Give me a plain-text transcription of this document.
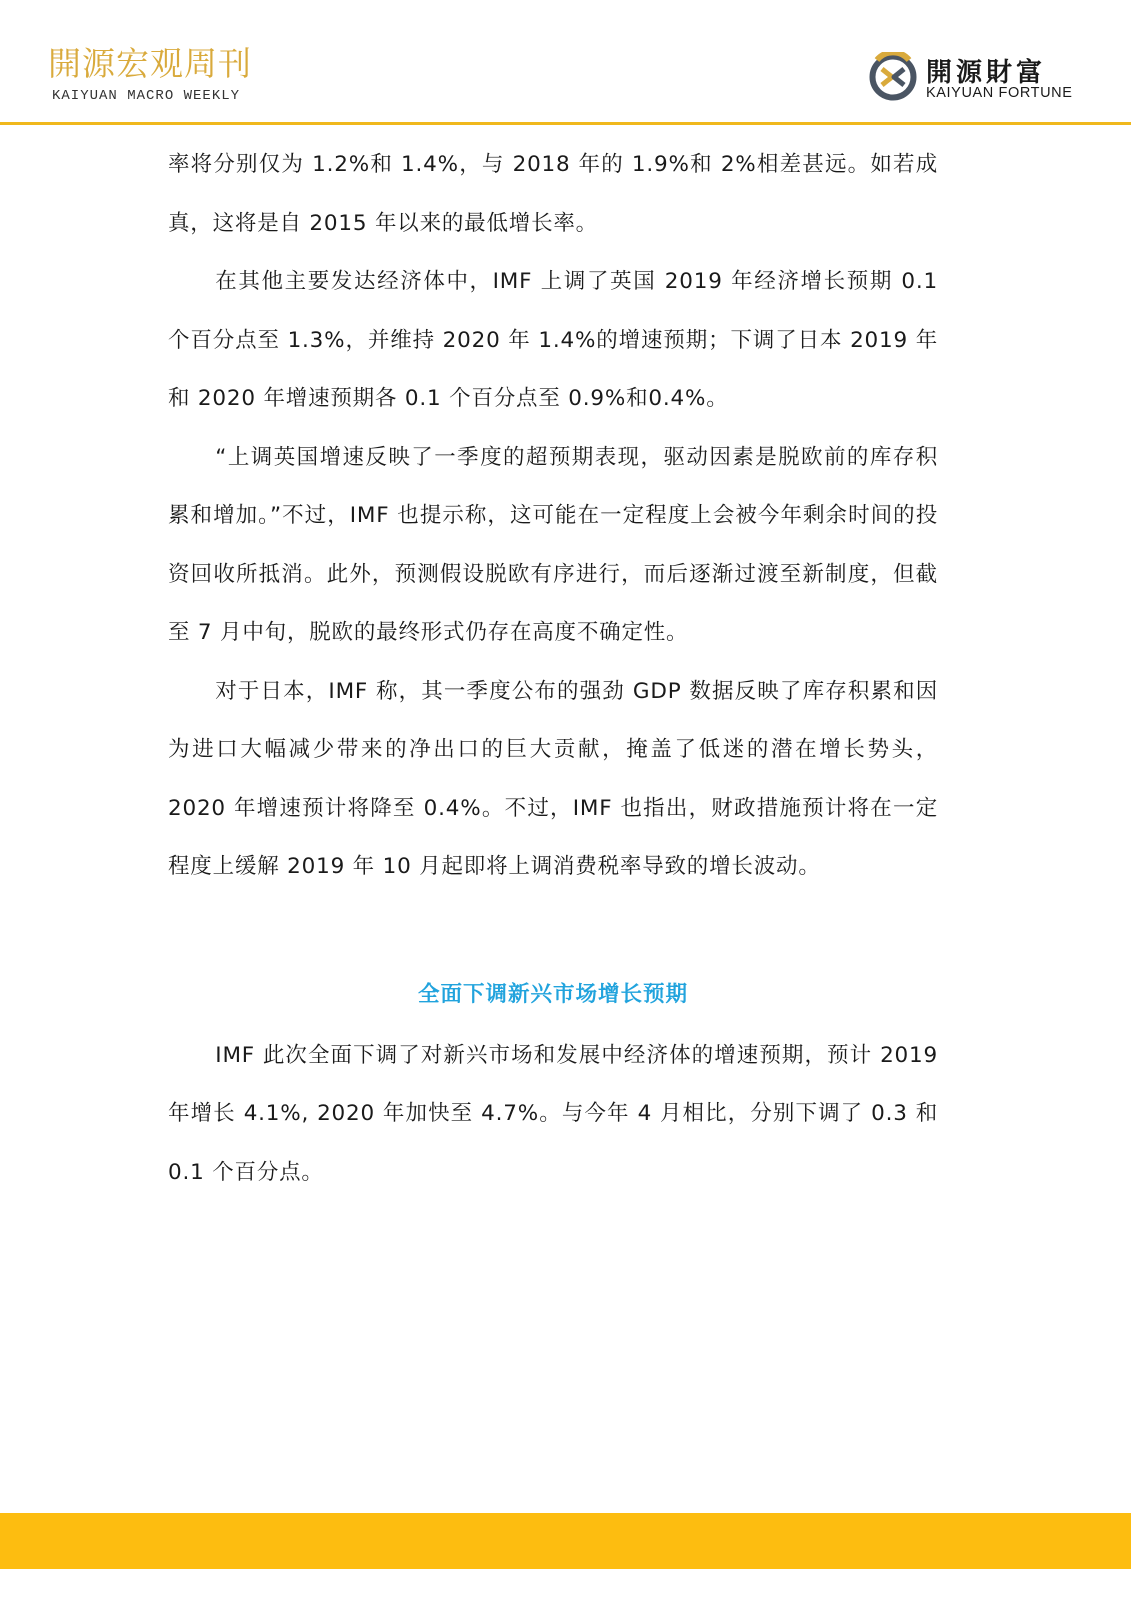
開源宏观周刊
KAIYUAN MACRO WEEKLY
開源財富
KAIYUAN FORTUNE

率将分别仅为 1.2%和 1.4%，与 2018 年的 1.9%和 2%相差甚远。如若成真，这将是自 2015 年以来的最低增长率。

在其他主要发达经济体中，IMF 上调了英国 2019 年经济增长预期 0.1 个百分点至 1.3%，并维持 2020 年 1.4%的增速预期；下调了日本 2019 年和 2020 年增速预期各 0.1 个百分点至 0.9%和0.4%。

“上调英国增速反映了一季度的超预期表现，驱动因素是脱欧前的库存积累和增加。”不过，IMF 也提示称，这可能在一定程度上会被今年剩余时间的投资回收所抵消。此外，预测假设脱欧有序进行，而后逐渐过渡至新制度，但截至 7 月中旬，脱欧的最终形式仍存在高度不确定性。

对于日本，IMF 称，其一季度公布的强劲 GDP 数据反映了库存积累和因为进口大幅减少带来的净出口的巨大贡献，掩盖了低迷的潜在增长势头，2020 年增速预计将降至 0.4%。不过，IMF 也指出，财政措施预计将在一定程度上缓解 2019 年 10 月起即将上调消费税率导致的增长波动。

全面下调新兴市场增长预期

IMF 此次全面下调了对新兴市场和发展中经济体的增速预期，预计 2019 年增长 4.1%, 2020 年加快至 4.7%。与今年 4 月相比，分别下调了 0.3 和 0.1 个百分点。
